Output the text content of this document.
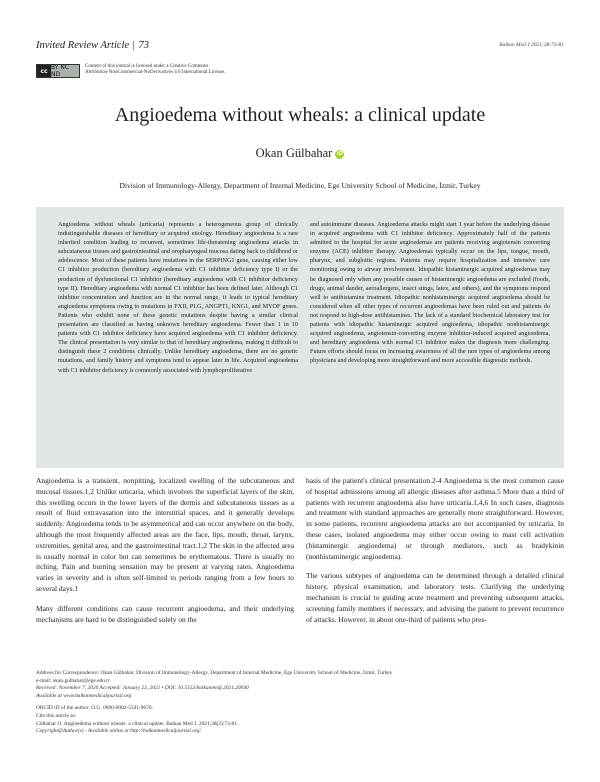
Invited Review Article | 73	Balkan Med J 2021;38:73-81
cc BY NC ND
Content of this journal is licensed under a Creative Commons
Attribution-NonCommercial-NoDerivatives 4.0 International License.
Angioedema without wheals: a clinical update
Okan Gülbahar iD
Division of Immunology-Allergy, Department of Internal Medicine, Ege University School of Medicine, İzmir, Turkey
Angioedema without wheals (urticaria) represents a heterogeneous group of clinically indistinguishable diseases of hereditary or acquired etiology. Hereditary angioedema is a rare inherited condition leading to recurrent, sometimes life-threatening angioedema attacks in subcutaneous tissues and gastrointestinal and oropharyngeal mucosa dating back to childhood or adolescence. Most of these patients have mutations in the SERPING1 gene, causing either low C1 inhibitor production (hereditary angioedema with C1 inhibitor deficiency type I) or the production of dysfunctional C1 inhibitor (hereditary angioedema with C1 inhibitor deficiency type II). Hereditary angioedema with normal C1 inhibitor has been defined later. Although C1 inhibitor concentration and function are in the normal range, it leads to typical hereditary angioedema symptoms owing to mutations in FXII, PLG, ANGPT1, KNG1, and MYOF genes. Patients who exhibit none of these genetic mutations despite having a similar clinical presentation are classified as having unknown hereditary angioedema. Fewer than 1 in 10 patients with C1 inhibitor deficiency have acquired angioedema with C1 inhibitor deficiency. The clinical presentation is very similar to that of hereditary angioedema, making it difficult to distinguish these 2 conditions clinically. Unlike hereditary angioedema, there are no genetic mutations, and family history and symptoms tend to appear later in life. Acquired angioedema with C1 inhibitor deficiency is commonly associated with lymphoproliferative
and autoimmune diseases. Angioedema attacks might start 1 year before the underlying disease in acquired angioedema with C1 inhibitor deficiency. Approximately half of the patients admitted to the hospital for acute angioedemas are patients receiving angiotensin converting enzyme (ACE) inhibitor therapy. Angioedemas typically occur on the lips, tongue, mouth, pharynx, and subglottic regions. Patients may require hospitalization and intensive care monitoring owing to airway involvement. Idiopathic histaminergic acquired angioedemas may be diagnosed only when any possible causes of histaminergic angioedema are excluded (foods, drugs, animal dander, aeroallergens, insect stings, latex, and others), and the symptoms respond well to antihistamine treatment. Idiopathic nonhistaminergic acquired angioedema should be considered when all other types of recurrent angioedemas have been ruled out and patients do not respond to high-dose antihistamines. The lack of a standard biochemical laboratory test for patients with idiopathic histaminergic acquired angioedema, idiopathic nonhistaminergic acquired angioedema, angiotensin-converting enzyme inhibitor-induced acquired angioedema, and hereditary angioedema with normal C1 inhibitor makes the diagnosis more challenging. Future efforts should focus on increasing awareness of all the rare types of angioedema among physicians and developing more straightforward and more accessible diagnostic methods.

Angioedema is a transient, nonpitting, localized swelling of the subcutaneous and mucosal tissues.1,2 Unlike urticaria, which involves the superficial layers of the skin, this swelling occurs in the lower layers of the dermis and subcutaneous tissues as a result of fluid extravasation into the interstitial spaces, and it generally develops suddenly. Angioedema tends to be asymmetrical and can occur anywhere on the body, although the most frequently affected areas are the face, lips, mouth, throat, larynx, extremities, genital area, and the gastrointestinal tract.1,2 The skin in the affected area is usually normal in color but can sometimes be erythematous. There is usually no itching. Pain and burning sensation may be present at varying rates. Angioedema varies in severity and is often self-limited to periods ranging from a few hours to several days.1

Many different conditions can cause recurrent angioedema, and their underlying mechanisms are hard to be distinguished solely on the

basis of the patient's clinical presentation.2-4 Angioedema is the most common cause of hospital admissions among all allergic diseases after asthma.5 More than a third of patients with recurrent angioedema also have urticaria.1,4,6 In such cases, diagnosis and treatment with standard approaches are generally more straightforward. However, in some patients, recurrent angioedema attacks are not accompanied by urticaria. In these cases, isolated angioedema may either occur owing to mast cell activation (histaminergic angioedema) or through mediators, such as bradykinin (nonhistaminergic angioedema).

The various subtypes of angioedema can be determined through a detailed clinical history, physical examination, and laboratory tests. Clarifying the underlying mechanism is crucial to guiding acute treatment and preventing subsequent attacks, screening family members if necessary, and advising the patient to prevent recurrence of attacks. However, in about one-third of patients who pres-

Address for Correspondence: Okan Gülbahar, Division of Immunology-Allergy, Department of Internal Medicine, Ege University School of Medicine, İzmir, Turkey
e-mail: okan.gulbahar@ege.edu.tr
Received: November 7, 2020 Accepted: January 23, 2021 • DOI: 10.5152/balkanmedj.2021.20040
Available at www.balkanmedicaljournal.org
ORCID iD of the author: O.G. 0000-0002-5341-9070.
Cite this article as:
Gülbahar O. Angioedema without wheals: a clinical update. Balkan Med J. 2021;38(2):73-81.
Copyright@Author(s) - Available online at http://balkanmedicaljournal.org/
